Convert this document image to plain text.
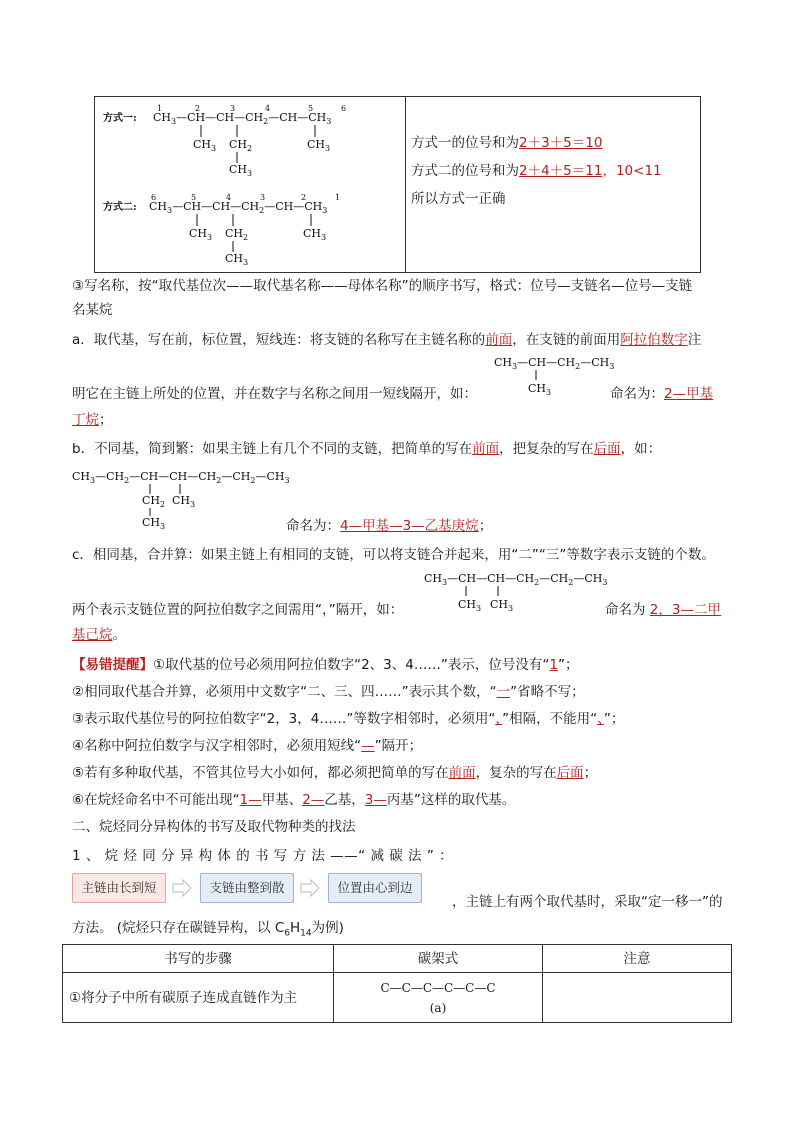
方式一:
1	2	3	4	5	6
$CH_3—CH—CH—CH_2—CH—CH_3$
$CH_3$ $CH_2$	$CH_3$
$CH_3$
方式二:
6	5	4	3	2	1
$CH_3—CH—CH—CH_2—CH—CH_3$
$CH_3$ $CH_2$	$CH_3$
$CH_3$
方式一的位号和为2＋3＋5＝10
方式二的位号和为2＋4＋5＝11，10<11
所以方式一正确
③写名称，按“取代基位次——取代基名称——母体名称”的顺序书写，格式：位号—支链名—位号—支链
名某烷
a．取代基，写在前，标位置，短线连：将支链的名称写在主链名称的前面，在支链的前面用阿拉伯数字注
$CH_3—CH—CH_2—CH_3$
$CH_3$
明它在主链上所处的位置，并在数字与名称之间用一短线隔开，如：	命名为：2—甲基
丁烷；
b．不同基，简到繁：如果主链上有几个不同的支链，把简单的写在前面，把复杂的写在后面，如：
$CH_3—CH_2—CH—CH—CH_2—CH_2—CH_3$
$CH_2$ $CH_3$
$CH_3$	命名为：4—甲基—3—乙基庚烷；
c．相同基，合并算：如果主链上有相同的支链，可以将支链合并起来，用“二”“三”等数字表示支链的个数。
$CH_3—CH—CH—CH_2—CH_2—CH_3$
$CH_3$ $CH_3$
两个表示支链位置的阿拉伯数字之间需用“，”隔开，如：	命名为 2，3—二甲
基己烷。
【易错提醒】①取代基的位号必须用阿拉伯数字“2、3、4……”表示，位号没有“1”；
②相同取代基合并算，必须用中文数字“二、三、四……”表示其个数，“一”省略不写；
③表示取代基位号的阿拉伯数字“2，3，4……”等数字相邻时，必须用“，”相隔，不能用“、”；
④名称中阿拉伯数字与汉字相邻时，必须用短线“—”隔开；
⑤若有多种取代基，不管其位号大小如何，都必须把简单的写在前面，复杂的写在后面；
⑥在烷烃命名中不可能出现“1—甲基、2—乙基，3—丙基”这样的取代基。
二、烷烃同分异构体的书写及取代物种类的找法
1 、 烷 烃 同 分 异 构 体 的 书 写 方 法 ——“ 减 碳 法 ” ：
主链由长到短	支链由整到散	位置由心到边
，主链上有两个取代基时，采取“定一移一”的
方法。 (烷烃只存在碳链异构，以 $C_6H_{14}$为例)
书写的步骤	碳架式	注意
①将分子中所有碳原子连成直链作为主	C—C—C—C—C—C
(a)	
